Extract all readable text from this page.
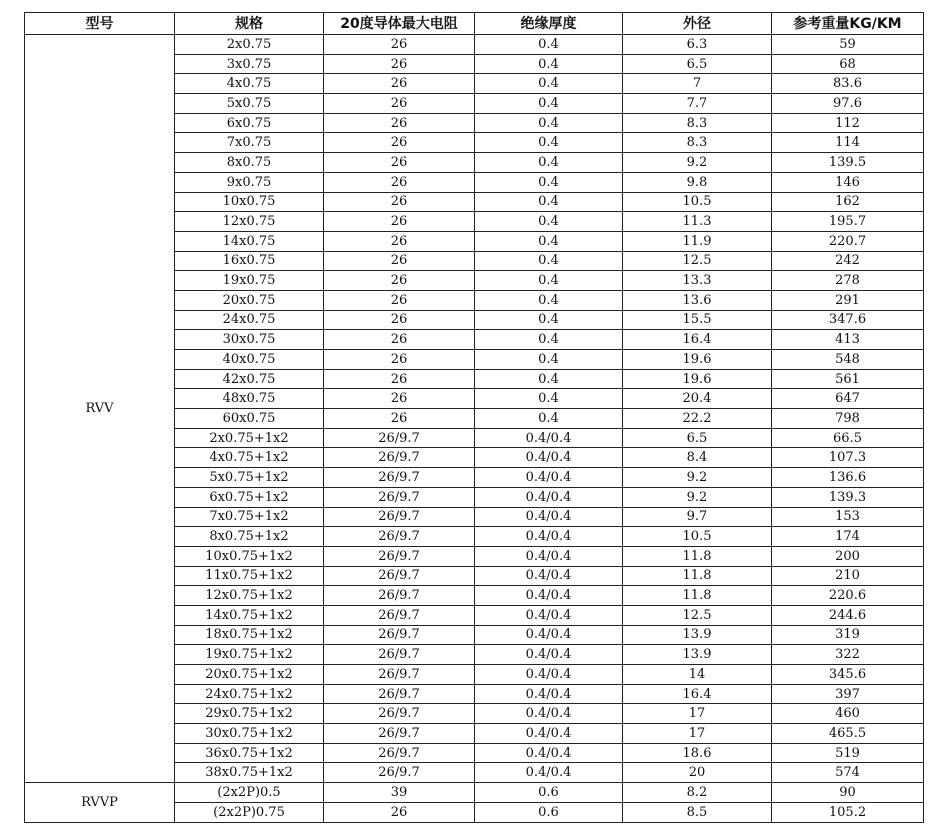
型号	规格	20度导体最大电阻	绝缘厚度	外径	参考重量KG/KM
RVV	2x0.75	26	0.4	6.3	59
	3x0.75	26	0.4	6.5	68
	4x0.75	26	0.4	7	83.6
	5x0.75	26	0.4	7.7	97.6
	6x0.75	26	0.4	8.3	112
	7x0.75	26	0.4	8.3	114
	8x0.75	26	0.4	9.2	139.5
	9x0.75	26	0.4	9.8	146
	10x0.75	26	0.4	10.5	162
	12x0.75	26	0.4	11.3	195.7
	14x0.75	26	0.4	11.9	220.7
	16x0.75	26	0.4	12.5	242
	19x0.75	26	0.4	13.3	278
	20x0.75	26	0.4	13.6	291
	24x0.75	26	0.4	15.5	347.6
	30x0.75	26	0.4	16.4	413
	40x0.75	26	0.4	19.6	548
	42x0.75	26	0.4	19.6	561
	48x0.75	26	0.4	20.4	647
	60x0.75	26	0.4	22.2	798
	2x0.75+1x2	26/9.7	0.4/0.4	6.5	66.5
	4x0.75+1x2	26/9.7	0.4/0.4	8.4	107.3
	5x0.75+1x2	26/9.7	0.4/0.4	9.2	136.6
	6x0.75+1x2	26/9.7	0.4/0.4	9.2	139.3
	7x0.75+1x2	26/9.7	0.4/0.4	9.7	153
	8x0.75+1x2	26/9.7	0.4/0.4	10.5	174
	10x0.75+1x2	26/9.7	0.4/0.4	11.8	200
	11x0.75+1x2	26/9.7	0.4/0.4	11.8	210
	12x0.75+1x2	26/9.7	0.4/0.4	11.8	220.6
	14x0.75+1x2	26/9.7	0.4/0.4	12.5	244.6
	18x0.75+1x2	26/9.7	0.4/0.4	13.9	319
	19x0.75+1x2	26/9.7	0.4/0.4	13.9	322
	20x0.75+1x2	26/9.7	0.4/0.4	14	345.6
	24x0.75+1x2	26/9.7	0.4/0.4	16.4	397
	29x0.75+1x2	26/9.7	0.4/0.4	17	460
	30x0.75+1x2	26/9.7	0.4/0.4	17	465.5
	36x0.75+1x2	26/9.7	0.4/0.4	18.6	519
	38x0.75+1x2	26/9.7	0.4/0.4	20	574
RVVP	(2x2P)0.5	39	0.6	8.2	90
	(2x2P)0.75	26	0.6	8.5	105.2
